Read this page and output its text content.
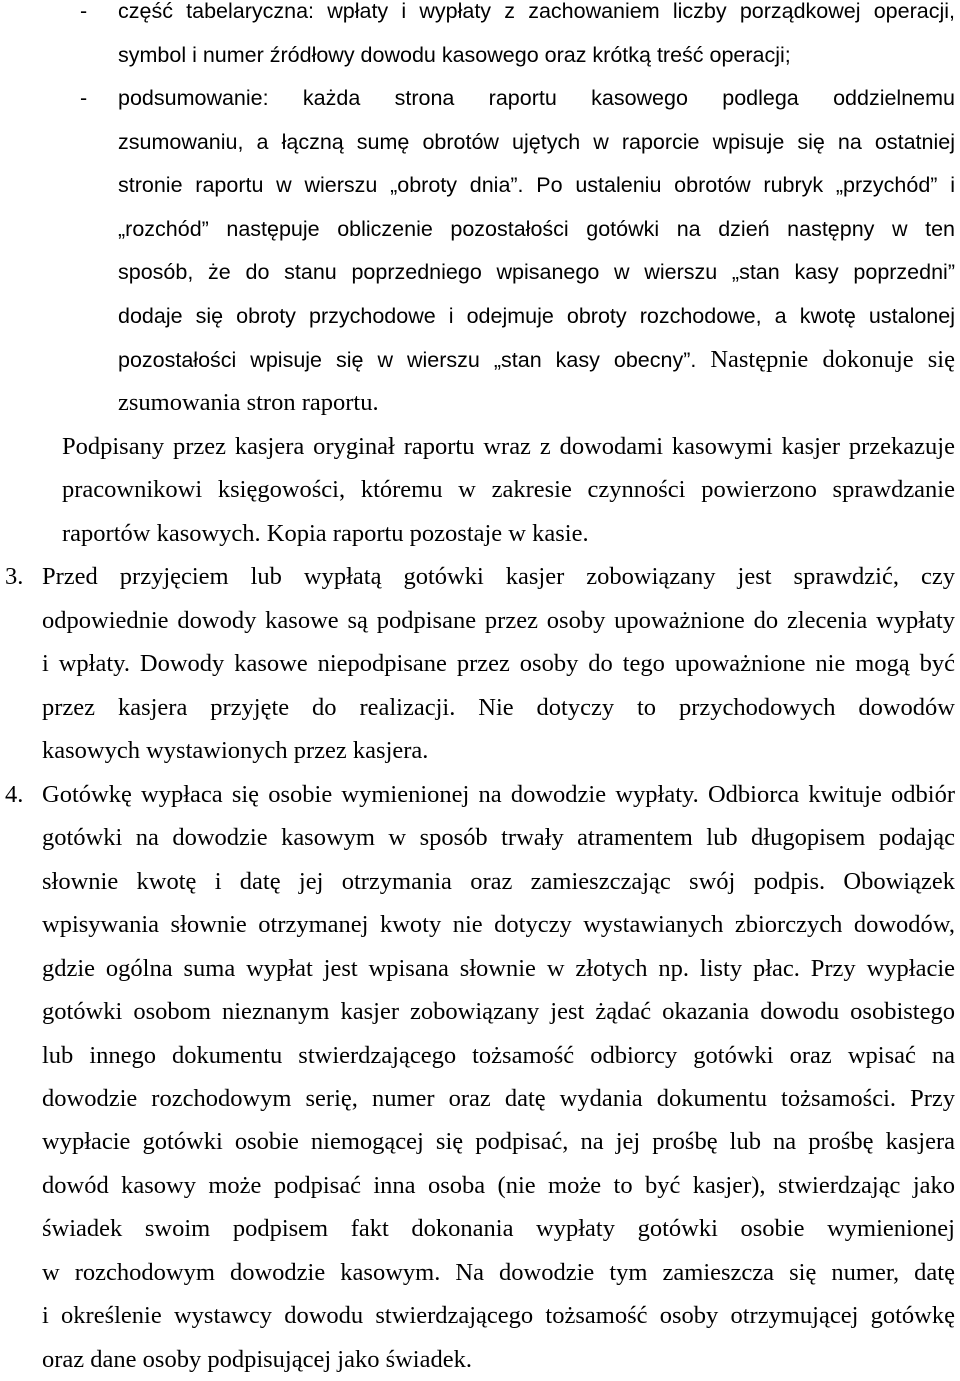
- część tabelaryczna: wpłaty i wypłaty z zachowaniem liczby porządkowej operacji,
symbol i numer źródłowy dowodu kasowego oraz krótką treść operacji;
- podsumowanie: każda strona raportu kasowego podlega oddzielnemu
zsumowaniu, a łączną sumę obrotów ujętych w raporcie wpisuje się na ostatniej
stronie raportu w wierszu „obroty dnia”. Po ustaleniu obrotów rubryk „przychód” i
„rozchód” następuje obliczenie pozostałości gotówki na dzień następny w ten
sposób, że do stanu poprzedniego wpisanego w wierszu „stan kasy poprzedni”
dodaje się obroty przychodowe i odejmuje obroty rozchodowe, a kwotę ustalonej
pozostałości wpisuje się w wierszu „stan kasy obecny”. Następnie dokonuje się
zsumowania stron raportu.
Podpisany przez kasjera oryginał raportu wraz z dowodami kasowymi kasjer przekazuje
pracownikowi księgowości, któremu w zakresie czynności powierzono sprawdzanie
raportów kasowych. Kopia raportu pozostaje w kasie.
3. Przed przyjęciem lub wypłatą gotówki kasjer zobowiązany jest sprawdzić, czy
odpowiednie dowody kasowe są podpisane przez osoby upoważnione do zlecenia wypłaty
i wpłaty. Dowody kasowe niepodpisane przez osoby do tego upoważnione nie mogą być
przez kasjera przyjęte do realizacji. Nie dotyczy to przychodowych dowodów
kasowych wystawionych przez kasjera.
4. Gotówkę wypłaca się osobie wymienionej na dowodzie wypłaty. Odbiorca kwituje odbiór
gotówki na dowodzie kasowym w sposób trwały atramentem lub długopisem podając
słownie kwotę i datę jej otrzymania oraz zamieszczając swój podpis. Obowiązek
wpisywania słownie otrzymanej kwoty nie dotyczy wystawianych zbiorczych dowodów,
gdzie ogólna suma wypłat jest wpisana słownie w złotych np. listy płac. Przy wypłacie
gotówki osobom nieznanym kasjer zobowiązany jest żądać okazania dowodu osobistego
lub innego dokumentu stwierdzającego tożsamość odbiorcy gotówki oraz wpisać na
dowodzie rozchodowym serię, numer oraz datę wydania dokumentu tożsamości. Przy
wypłacie gotówki osobie niemogącej się podpisać, na jej prośbę lub na prośbę kasjera
dowód kasowy może podpisać inna osoba (nie może to być kasjer), stwierdzając jako
świadek swoim podpisem fakt dokonania wypłaty gotówki osobie wymienionej
w rozchodowym dowodzie kasowym. Na dowodzie tym zamieszcza się numer, datę
i określenie wystawcy dowodu stwierdzającego tożsamość osoby otrzymującej gotówkę
oraz dane osoby podpisującej jako świadek.
